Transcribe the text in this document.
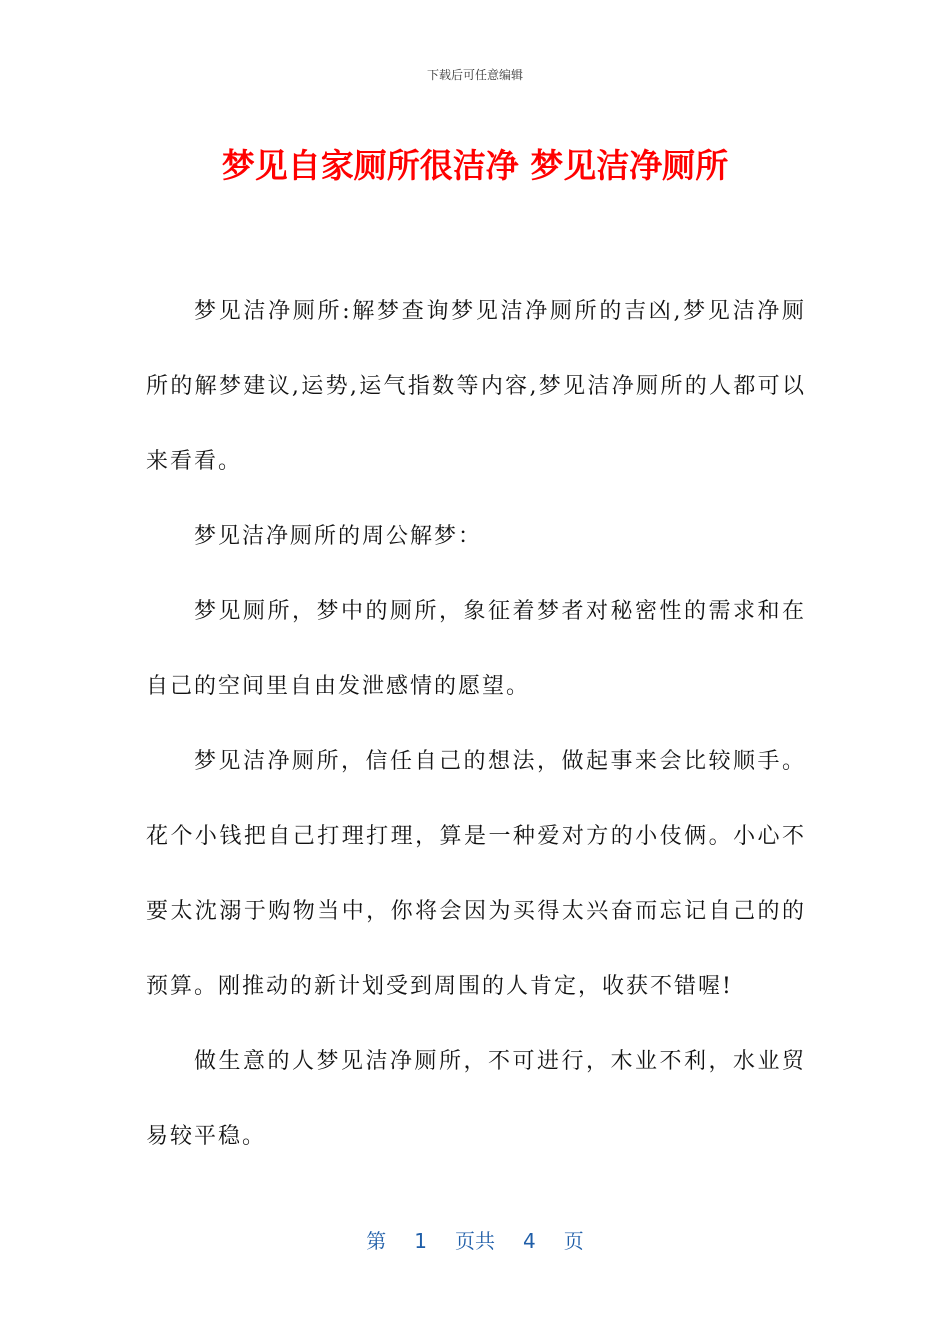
下载后可任意编辑
梦见自家厕所很洁净 梦见洁净厕所

梦见洁净厕所:解梦查询梦见洁净厕所的吉凶,梦见洁净厕所的解梦建议,运势,运气指数等内容,梦见洁净厕所的人都可以来看看。

梦见洁净厕所的周公解梦：

梦见厕所，梦中的厕所，象征着梦者对秘密性的需求和在自己的空间里自由发泄感情的愿望。

梦见洁净厕所，信任自己的想法，做起事来会比较顺手。花个小钱把自己打理打理，算是一种爱对方的小伎俩。小心不要太沈溺于购物当中，你将会因为买得太兴奋而忘记自己的的预算。刚推动的新计划受到周围的人肯定，收获不错喔!

做生意的人梦见洁净厕所，不可进行，木业不利，水业贸易较平稳。

第 1 页共 4 页
